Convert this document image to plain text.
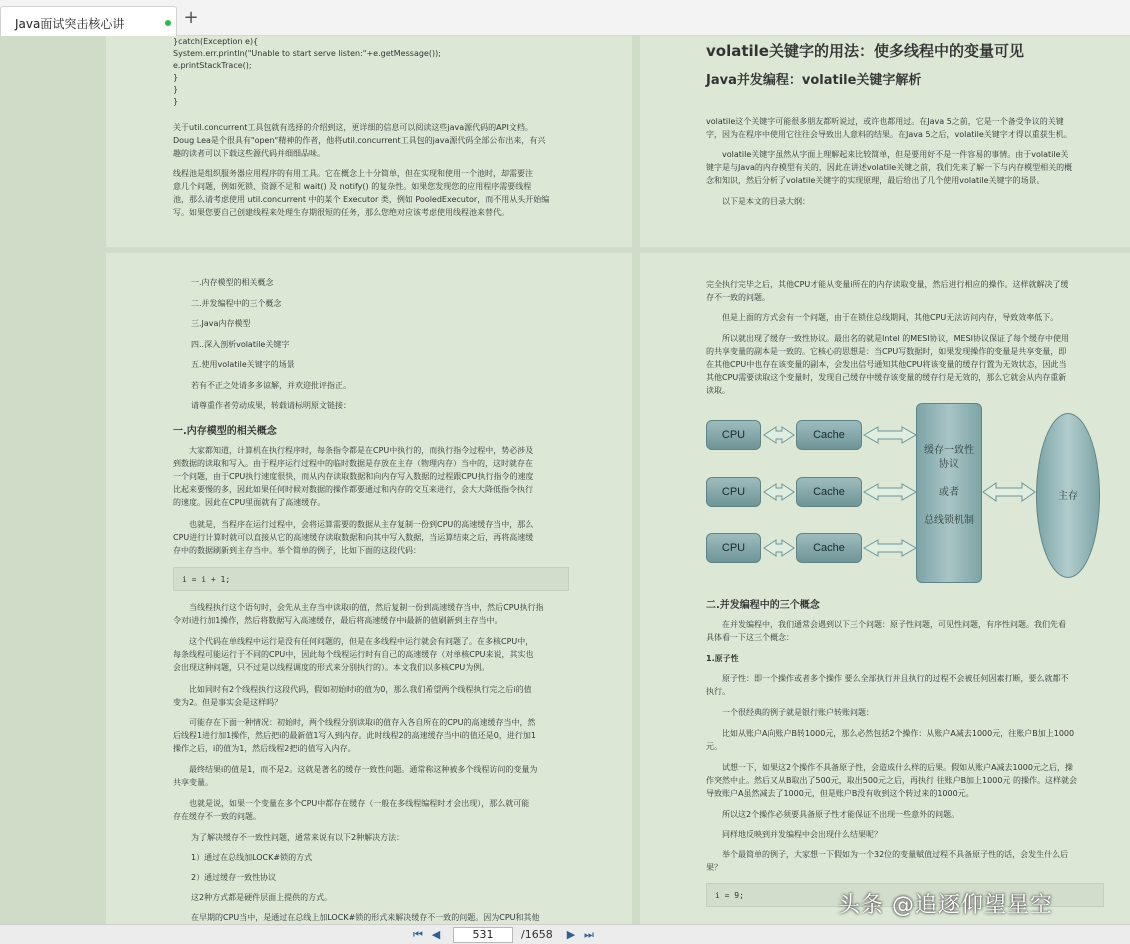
Java面试突击核心讲	+
}catch(Exception e){
System.err.println("Unable to start serve listen:"+e.getMessage());
e.printStackTrace();
}
}
}
关于util.concurrent工具包就有选择的介绍到这，更详细的信息可以阅读这些java源代码的API文档。
Doug Lea是个很具有"open"精神的作者，他将util.concurrent工具包的java源代码全部公布出来，有兴
趣的读者可以下载这些源代码并细细品味。
线程池是组织服务器应用程序的有用工具。它在概念上十分简单，但在实现和使用一个池时，却需要注
意几个问题，例如死锁、资源不足和 wait() 及 notify() 的复杂性。如果您发现您的应用程序需要线程
池，那么请考虑使用 util.concurrent 中的某个 Executor 类，例如 PooledExecutor，而不用从头开始编
写。如果您要自己创建线程来处理生存期很短的任务，那么您绝对应该考虑使用线程池来替代。
volatile关键字的用法：使多线程中的变量可见
Java并发编程：volatile关键字解析
volatile这个关键字可能很多朋友都听说过，或许也都用过。在Java 5之前，它是一个备受争议的关键
字，因为在程序中使用它往往会导致出人意料的结果。在Java 5之后，volatile关键字才得以重获生机。
　　volatile关键字虽然从字面上理解起来比较简单，但是要用好不是一件容易的事情。由于volatile关
键字是与Java的内存模型有关的，因此在讲述volatile关键之前，我们先来了解一下与内存模型相关的概
念和知识，然后分析了volatile关键字的实现原理，最后给出了几个使用volatile关键字的场景。
　　以下是本文的目录大纲：
一.内存模型的相关概念
二.并发编程中的三个概念
三.Java内存模型
四..深入剖析volatile关键字
五.使用volatile关键字的场景
若有不正之处请多多谅解，并欢迎批评指正。
请尊重作者劳动成果，转载请标明原文链接：
一.内存模型的相关概念
　　大家都知道，计算机在执行程序时，每条指令都是在CPU中执行的，而执行指令过程中，势必涉及
到数据的读取和写入。由于程序运行过程中的临时数据是存放在主存（物理内存）当中的，这时就存在
一个问题，由于CPU执行速度很快，而从内存读取数据和向内存写入数据的过程跟CPU执行指令的速度
比起来要慢的多，因此如果任何时候对数据的操作都要通过和内存的交互来进行，会大大降低指令执行
的速度。因此在CPU里面就有了高速缓存。
　　也就是，当程序在运行过程中，会将运算需要的数据从主存复制一份到CPU的高速缓存当中，那么
CPU进行计算时就可以直接从它的高速缓存读取数据和向其中写入数据，当运算结束之后，再将高速缓
存中的数据刷新到主存当中。举个简单的例子，比如下面的这段代码：
i = i + 1;
　　当线程执行这个语句时，会先从主存当中读取i的值，然后复制一份到高速缓存当中，然后CPU执行指
令对i进行加1操作，然后将数据写入高速缓存，最后将高速缓存中i最新的值刷新到主存当中。
　　这个代码在单线程中运行是没有任何问题的，但是在多线程中运行就会有问题了。在多核CPU中，
每条线程可能运行于不同的CPU中，因此每个线程运行时有自己的高速缓存（对单核CPU来说，其实也
会出现这种问题，只不过是以线程调度的形式来分别执行的）。本文我们以多核CPU为例。
　　比如同时有2个线程执行这段代码，假如初始时i的值为0，那么我们希望两个线程执行完之后i的值
变为2。但是事实会是这样吗？
　　可能存在下面一种情况：初始时，两个线程分别读取i的值存入各自所在的CPU的高速缓存当中，然
后线程1进行加1操作，然后把i的最新值1写入到内存。此时线程2的高速缓存当中i的值还是0，进行加1
操作之后，i的值为1，然后线程2把i的值写入内存。
　　最终结果i的值是1，而不是2。这就是著名的缓存一致性问题。通常称这种被多个线程访问的变量为
共享变量。
　　也就是说，如果一个变量在多个CPU中都存在缓存（一般在多线程编程时才会出现），那么就可能
存在缓存不一致的问题。
为了解决缓存不一致性问题，通常来说有以下2种解决方法：
1）通过在总线加LOCK#锁的方式
2）通过缓存一致性协议
这2种方式都是硬件层面上提供的方式。
在早期的CPU当中，是通过在总线上加LOCK#锁的形式来解决缓存不一致的问题。因为CPU和其他
完全执行完毕之后，其他CPU才能从变量i所在的内存读取变量，然后进行相应的操作。这样就解决了缓
存不一致的问题。
　　但是上面的方式会有一个问题，由于在锁住总线期间，其他CPU无法访问内存，导致效率低下。
　　所以就出现了缓存一致性协议。最出名的就是Intel 的MESI协议，MESI协议保证了每个缓存中使用
的共享变量的副本是一致的。它核心的思想是：当CPU写数据时，如果发现操作的变量是共享变量，即
在其他CPU中也存在该变量的副本，会发出信号通知其他CPU将该变量的缓存行置为无效状态，因此当
其他CPU需要读取这个变量时，发现自己缓存中缓存该变量的缓存行是无效的，那么它就会从内存重新
读取。
CPU
CPU
CPU
Cache
Cache
Cache
缓存一致性
协议
或者
总线锁机制
主存
二.并发编程中的三个概念
　　在并发编程中，我们通常会遇到以下三个问题：原子性问题，可见性问题，有序性问题。我们先看
具体看一下这三个概念：
1.原子性
　　原子性：即一个操作或者多个操作 要么全部执行并且执行的过程不会被任何因素打断，要么就都不
执行。
　　一个很经典的例子就是银行账户转账问题：
　　比如从账户A向账户B转1000元，那么必然包括2个操作：从账户A减去1000元，往账户B加上1000
元。
　　试想一下，如果这2个操作不具备原子性，会造成什么样的后果。假如从账户A减去1000元之后，操
作突然中止。然后又从B取出了500元，取出500元之后，再执行 往账户B加上1000元 的操作。这样就会
导致账户A虽然减去了1000元，但是账户B没有收到这个转过来的1000元。
　　所以这2个操作必须要具备原子性才能保证不出现一些意外的问题。
　　同样地反映到并发编程中会出现什么结果呢？
　　举个最简单的例子，大家想一下假如为一个32位的变量赋值过程不具备原子性的话，会发生什么后
果？
i = 9;	头条 @追逐仰望星空
⏮ ◀	531	/1658 ▶ ⏭
